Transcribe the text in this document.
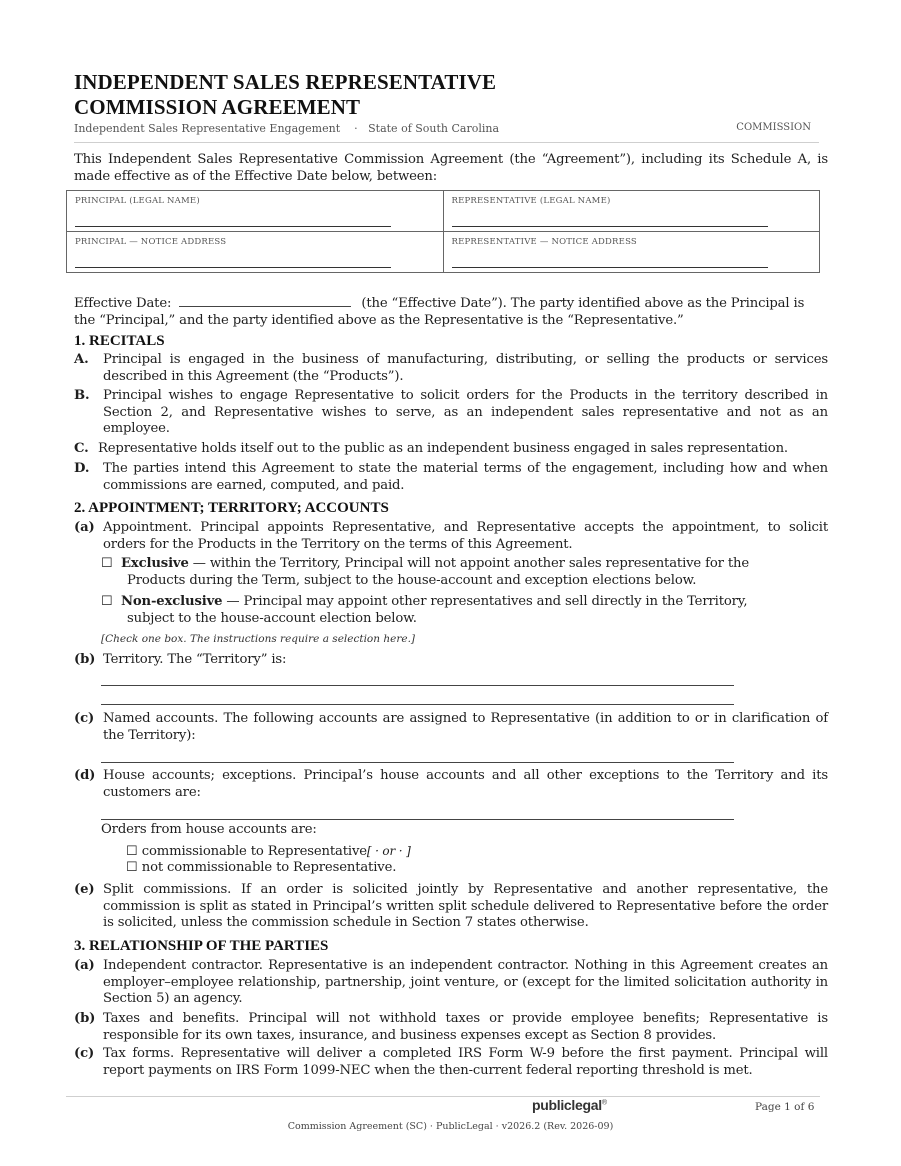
INDEPENDENT SALES REPRESENTATIVE
COMMISSION AGREEMENT
Independent Sales Representative Engagement · State of South Carolina	COMMISSION
This Independent Sales Representative Commission Agreement (the “Agreement”), including its Schedule A, is made effective as of the Effective Date below, between:
PRINCIPAL (LEGAL NAME)	REPRESENTATIVE (LEGAL NAME)

PRINCIPAL — NOTICE ADDRESS	REPRESENTATIVE — NOTICE ADDRESS
Effective Date:	(the “Effective Date”). The party identified above as the Principal is
the “Principal,” and the party identified above as the Representative is the “Representative.”
1. RECITALS
A. Principal is engaged in the business of manufacturing, distributing, or selling the products or services described in this Agreement (the “Products”).
B. Principal wishes to engage Representative to solicit orders for the Products in the territory described in Section 2, and Representative wishes to serve, as an independent sales representative and not as an employee.
C. Representative holds itself out to the public as an independent business engaged in sales representation.
D. The parties intend this Agreement to state the material terms of the engagement, including how and when commissions are earned, computed, and paid.
2. APPOINTMENT; TERRITORY; ACCOUNTS
(a) Appointment. Principal appoints Representative, and Representative accepts the appointment, to solicit orders for the Products in the Territory on the terms of this Agreement.
☐ Exclusive — within the Territory, Principal will not appoint another sales representative for the
Products during the Term, subject to the house-account and exception elections below.
☐ Non-exclusive — Principal may appoint other representatives and sell directly in the Territory,
subject to the house-account election below.
[Check one box. The instructions require a selection here.]
(b) Territory. The “Territory” is:
(c) Named accounts. The following accounts are assigned to Representative (in addition to or in clarification of the Territory):
(d) House accounts; exceptions. Principal’s house accounts and all other exceptions to the Territory and its customers are:
Orders from house accounts are:
☐ commissionable to Representative[ · or · ]
☐ not commissionable to Representative.
(e) Split commissions. If an order is solicited jointly by Representative and another representative, the commission is split as stated in Principal’s written split schedule delivered to Representative before the order is solicited, unless the commission schedule in Section 7 states otherwise.
3. RELATIONSHIP OF THE PARTIES
(a) Independent contractor. Representative is an independent contractor. Nothing in this Agreement creates an employer–employee relationship, partnership, joint venture, or (except for the limited solicitation authority in Section 5) an agency.
(b) Taxes and benefits. Principal will not withhold taxes or provide employee benefits; Representative is responsible for its own taxes, insurance, and business expenses except as Section 8 provides.
(c) Tax forms. Representative will deliver a completed IRS Form W-9 before the first payment. Principal will report payments on IRS Form 1099-NEC when the then-current federal reporting threshold is met.
publiclegal®	Page 1 of 6
Commission Agreement (SC) · PublicLegal · v2026.2 (Rev. 2026-09)
